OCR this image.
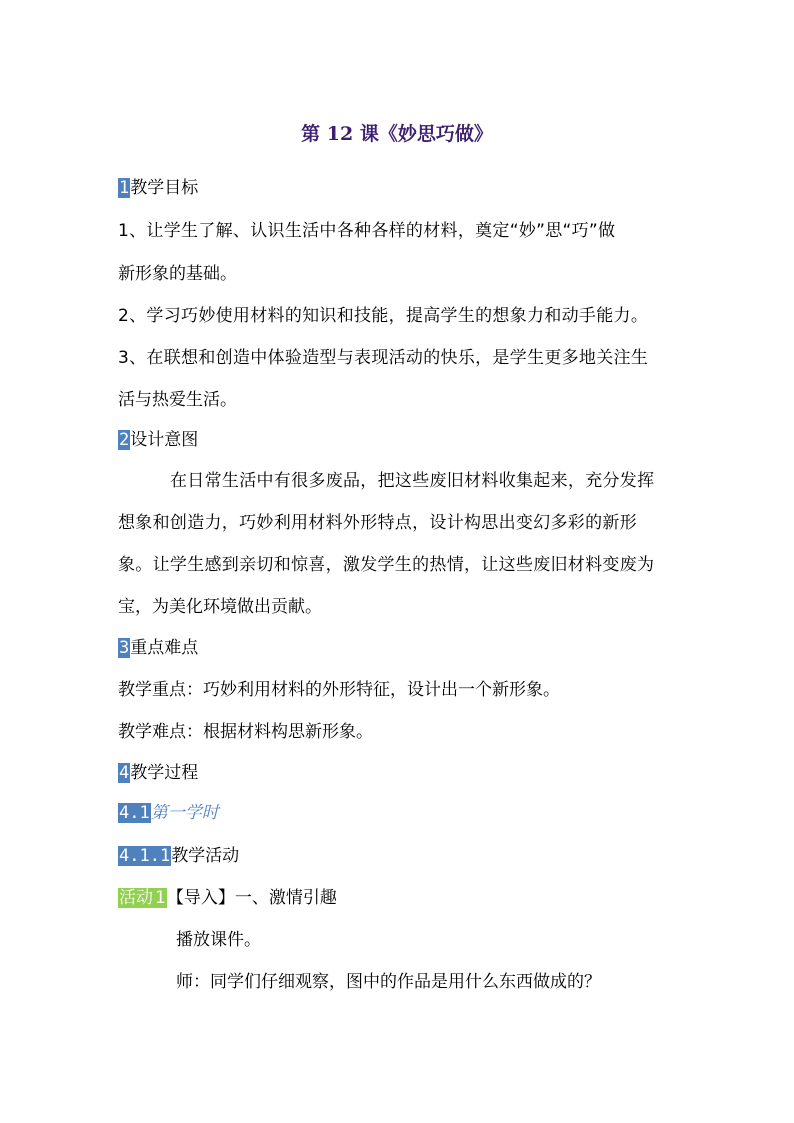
第 12 课《妙思巧做》
1教学目标
1、让学生了解、认识生活中各种各样的材料，奠定“妙”思“巧”做
新形象的基础。
2、学习巧妙使用材料的知识和技能，提高学生的想象力和动手能力。
3、在联想和创造中体验造型与表现活动的快乐，是学生更多地关注生
活与热爱生活。
2设计意图
在日常生活中有很多废品，把这些废旧材料收集起来，充分发挥
想象和创造力，巧妙利用材料外形特点，设计构思出变幻多彩的新形
象。让学生感到亲切和惊喜，激发学生的热情，让这些废旧材料变废为
宝，为美化环境做出贡献。
3重点难点
教学重点：巧妙利用材料的外形特征，设计出一个新形象。
教学难点：根据材料构思新形象。
4教学过程
4.1第一学时
4.1.1教学活动
活动 1【导入】一、激情引趣
播放课件。
师：同学们仔细观察，图中的作品是用什么东西做成的？
